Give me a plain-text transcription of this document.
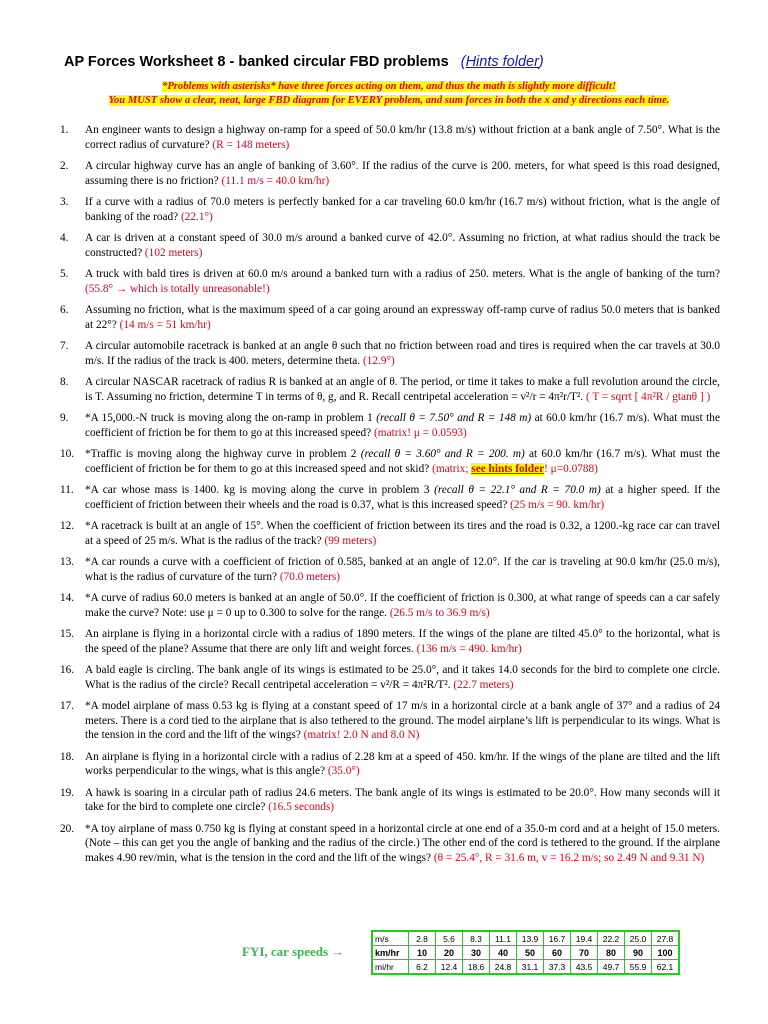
AP Forces Worksheet 8 - banked circular FBD problems (Hints folder)
*Problems with asterisks* have three forces acting on them, and thus the math is slightly more difficult!
You MUST show a clear, neat, large FBD diagram for EVERY problem, and sum forces in both the x and y directions each time.
1. An engineer wants to design a highway on-ramp for a speed of 50.0 km/hr (13.8 m/s) without friction at a bank angle of 7.50°. What is the correct radius of curvature? (R = 148 meters)
2. A circular highway curve has an angle of banking of 3.60°. If the radius of the curve is 200. meters, for what speed is this road designed, assuming there is no friction? (11.1 m/s = 40.0 km/hr)
3. If a curve with a radius of 70.0 meters is perfectly banked for a car traveling 60.0 km/hr (16.7 m/s) without friction, what is the angle of banking of the road? (22.1°)
4. A car is driven at a constant speed of 30.0 m/s around a banked curve of 42.0°. Assuming no friction, at what radius should the track be constructed? (102 meters)
5. A truck with bald tires is driven at 60.0 m/s around a banked turn with a radius of 250. meters. What is the angle of banking of the turn? (55.8° → which is totally unreasonable!)
6. Assuming no friction, what is the maximum speed of a car going around an expressway off-ramp curve of radius 50.0 meters that is banked at 22°? (14 m/s = 51 km/hr)
7. A circular automobile racetrack is banked at an angle θ such that no friction between road and tires is required when the car travels at 30.0 m/s. If the radius of the track is 400. meters, determine theta. (12.9°)
8. A circular NASCAR racetrack of radius R is banked at an angle of θ. The period, or time it takes to make a full revolution around the circle, is T. Assuming no friction, determine T in terms of θ, g, and R. Recall centripetal acceleration = v²/r = 4π²r/T². ( T = sqrrt [ 4π²R / gtanθ ] )
9. *A 15,000.-N truck is moving along the on-ramp in problem 1 (recall θ = 7.50° and R = 148 m) at 60.0 km/hr (16.7 m/s). What must the coefficient of friction be for them to go at this increased speed? (matrix! μ = 0.0593)
10. *Traffic is moving along the highway curve in problem 2 (recall θ = 3.60° and R = 200. m) at 60.0 km/hr (16.7 m/s). What must the coefficient of friction be for them to go at this increased speed and not skid? (matrix; see hints folder! μ=0.0788)
11. *A car whose mass is 1400. kg is moving along the curve in problem 3 (recall θ = 22.1° and R = 70.0 m) at a higher speed. If the coefficient of friction between their wheels and the road is 0.37, what is this increased speed? (25 m/s = 90. km/hr)
12. *A racetrack is built at an angle of 15°. When the coefficient of friction between its tires and the road is 0.32, a 1200.-kg race car can travel at a speed of 25 m/s. What is the radius of the track? (99 meters)
13. *A car rounds a curve with a coefficient of friction of 0.585, banked at an angle of 12.0°. If the car is traveling at 90.0 km/hr (25.0 m/s), what is the radius of curvature of the turn? (70.0 meters)
14. *A curve of radius 60.0 meters is banked at an angle of 50.0°. If the coefficient of friction is 0.300, at what range of speeds can a car safely make the curve? Note: use μ = 0 up to 0.300 to solve for the range. (26.5 m/s to 36.9 m/s)
15. An airplane is flying in a horizontal circle with a radius of 1890 meters. If the wings of the plane are tilted 45.0° to the horizontal, what is the speed of the plane? Assume that there are only lift and weight forces. (136 m/s = 490. km/hr)
16. A bald eagle is circling. The bank angle of its wings is estimated to be 25.0°, and it takes 14.0 seconds for the bird to complete one circle. What is the radius of the circle? Recall centripetal acceleration = v²/R = 4π²R/T². (22.7 meters)
17. *A model airplane of mass 0.53 kg is flying at a constant speed of 17 m/s in a horizontal circle at a bank angle of 37° and a radius of 24 meters. There is a cord tied to the airplane that is also tethered to the ground. The model airplane’s lift is perpendicular to its wings. What is the tension in the cord and the lift of the wings? (matrix! 2.0 N and 8.0 N)
18. An airplane is flying in a horizontal circle with a radius of 2.28 km at a speed of 450. km/hr. If the wings of the plane are tilted and the lift works perpendicular to the wings, what is this angle? (35.0°)
19. A hawk is soaring in a circular path of radius 24.6 meters. The bank angle of its wings is estimated to be 20.0°. How many seconds will it take for the bird to complete one circle? (16.5 seconds)
20. *A toy airplane of mass 0.750 kg is flying at constant speed in a horizontal circle at one end of a 35.0-m cord and at a height of 15.0 meters. (Note – this can get you the angle of banking and the radius of the circle.) The other end of the cord is tethered to the ground. If the airplane makes 4.90 rev/min, what is the tension in the cord and the lift of the wings? (θ = 25.4°, R = 31.6 m, v = 16.2 m/s; so 2.49 N and 9.31 N)
FYI, car speeds →
m/s	2.8	5.6	8.3	11.1	13.9	16.7	19.4	22.2	25.0	27.8
km/hr	10	20	30	40	50	60	70	80	90	100
mi/hr	6.2	12.4	18.6	24.8	31.1	37.3	43.5	49.7	55.9	62.1
